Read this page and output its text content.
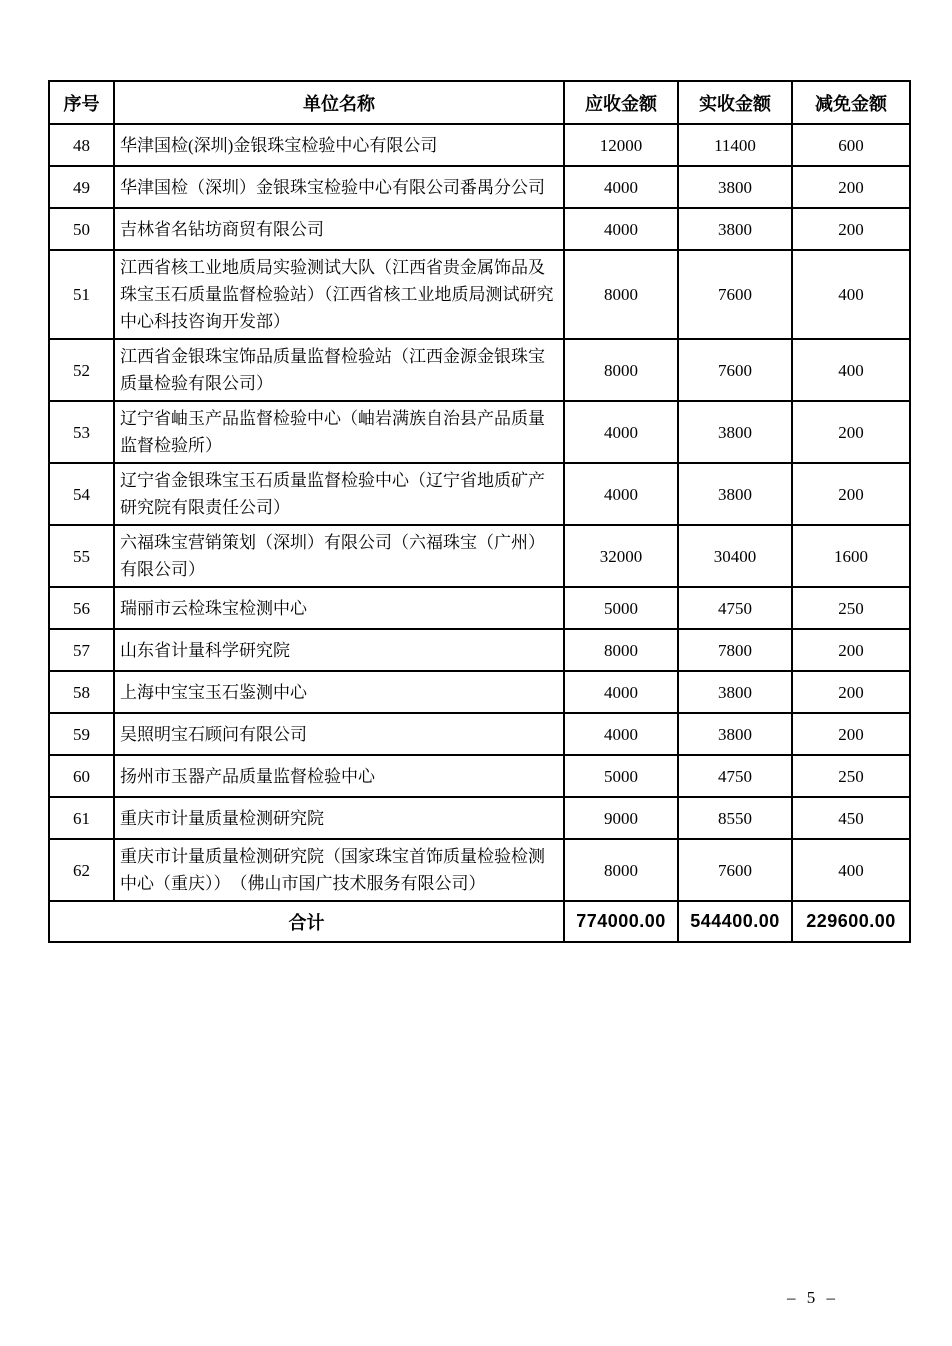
序号	单位名称	应收金额	实收金额	减免金额
48	华津国检(深圳)金银珠宝检验中心有限公司	12000	11400	600
49	华津国检（深圳）金银珠宝检验中心有限公司番禺分公司	4000	3800	200
50	吉林省名钻坊商贸有限公司	4000	3800	200
51	江西省核工业地质局实验测试大队（江西省贵金属饰品及珠宝玉石质量监督检验站）（江西省核工业地质局测试研究中心科技咨询开发部）	8000	7600	400
52	江西省金银珠宝饰品质量监督检验站（江西金源金银珠宝质量检验有限公司）	8000	7600	400
53	辽宁省岫玉产品监督检验中心（岫岩满族自治县产品质量监督检验所）	4000	3800	200
54	辽宁省金银珠宝玉石质量监督检验中心（辽宁省地质矿产研究院有限责任公司）	4000	3800	200
55	六福珠宝营销策划（深圳）有限公司（六福珠宝（广州）有限公司）	32000	30400	1600
56	瑞丽市云检珠宝检测中心	5000	4750	250
57	山东省计量科学研究院	8000	7800	200
58	上海中宝宝玉石鉴测中心	4000	3800	200
59	吴照明宝石顾问有限公司	4000	3800	200
60	扬州市玉器产品质量监督检验中心	5000	4750	250
61	重庆市计量质量检测研究院	9000	8550	450
62	重庆市计量质量检测研究院（国家珠宝首饰质量检验检测中心（重庆））　（佛山市国广技术服务有限公司）	8000	7600	400
合计		774000.00	544400.00	229600.00
– 5 –
